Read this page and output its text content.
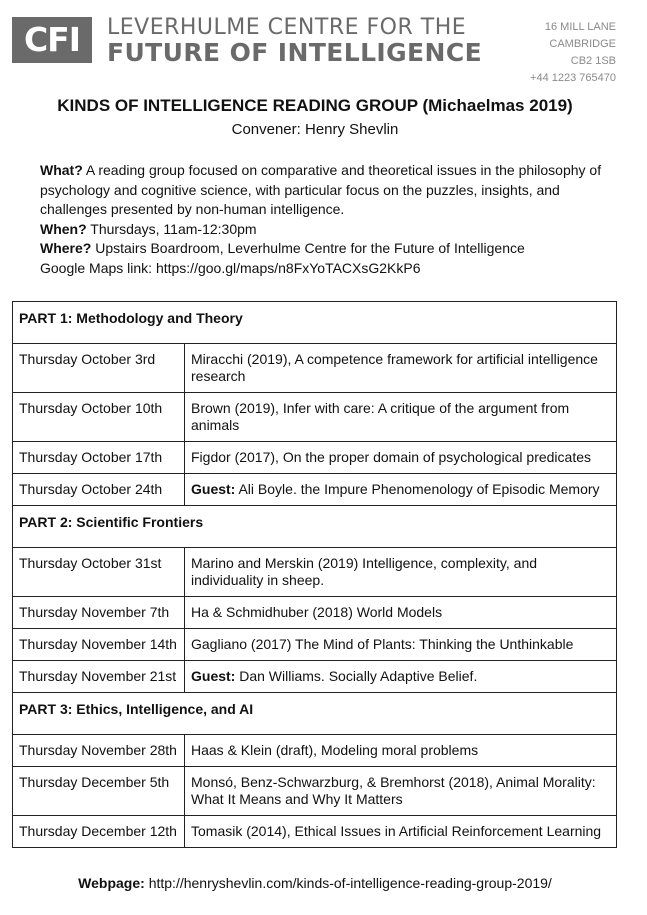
CFI	LEVERHULME CENTRE FOR THE
FUTURE OF INTELLIGENCE
16 MILL LANE
CAMBRIDGE
CB2 1SB
+44 1223 765470
KINDS OF INTELLIGENCE READING GROUP (Michaelmas 2019)
Convener: Henry Shevlin

What? A reading group focused on comparative and theoretical issues in the philosophy of psychology and cognitive science, with particular focus on the puzzles, insights, and challenges presented by non-human intelligence.

When? Thursdays, 11am-12:30pm

Where? Upstairs Boardroom, Leverhulme Centre for the Future of Intelligence

Google Maps link: https://goo.gl/maps/n8FxYoTACXsG2KkP6

PART 1: Methodology and Theory	
Thursday October 3rd	Miracchi (2019), A competence framework for artificial intelligence research
Thursday October 10th	Brown (2019), Infer with care: A critique of the argument from animals
Thursday October 17th	Figdor (2017), On the proper domain of psychological predicates
Thursday October 24th	Guest: Ali Boyle. the Impure Phenomenology of Episodic Memory
PART 2: Scientific Frontiers	
Thursday October 31st	Marino and Merskin (2019) Intelligence, complexity, and individuality in sheep.
Thursday November 7th	Ha & Schmidhuber (2018) World Models
Thursday November 14th	Gagliano (2017) The Mind of Plants: Thinking the Unthinkable
Thursday November 21st	Guest: Dan Williams. Socially Adaptive Belief.
PART 3: Ethics, Intelligence, and AI	
Thursday November 28th	Haas & Klein (draft), Modeling moral problems
Thursday December 5th	Monsó, Benz-Schwarzburg, & Bremhorst (2018), Animal Morality: What It Means and Why It Matters
Thursday December 12th	Tomasik (2014), Ethical Issues in Artificial Reinforcement Learning
Webpage: http://henryshevlin.com/kinds-of-intelligence-reading-group-2019/
